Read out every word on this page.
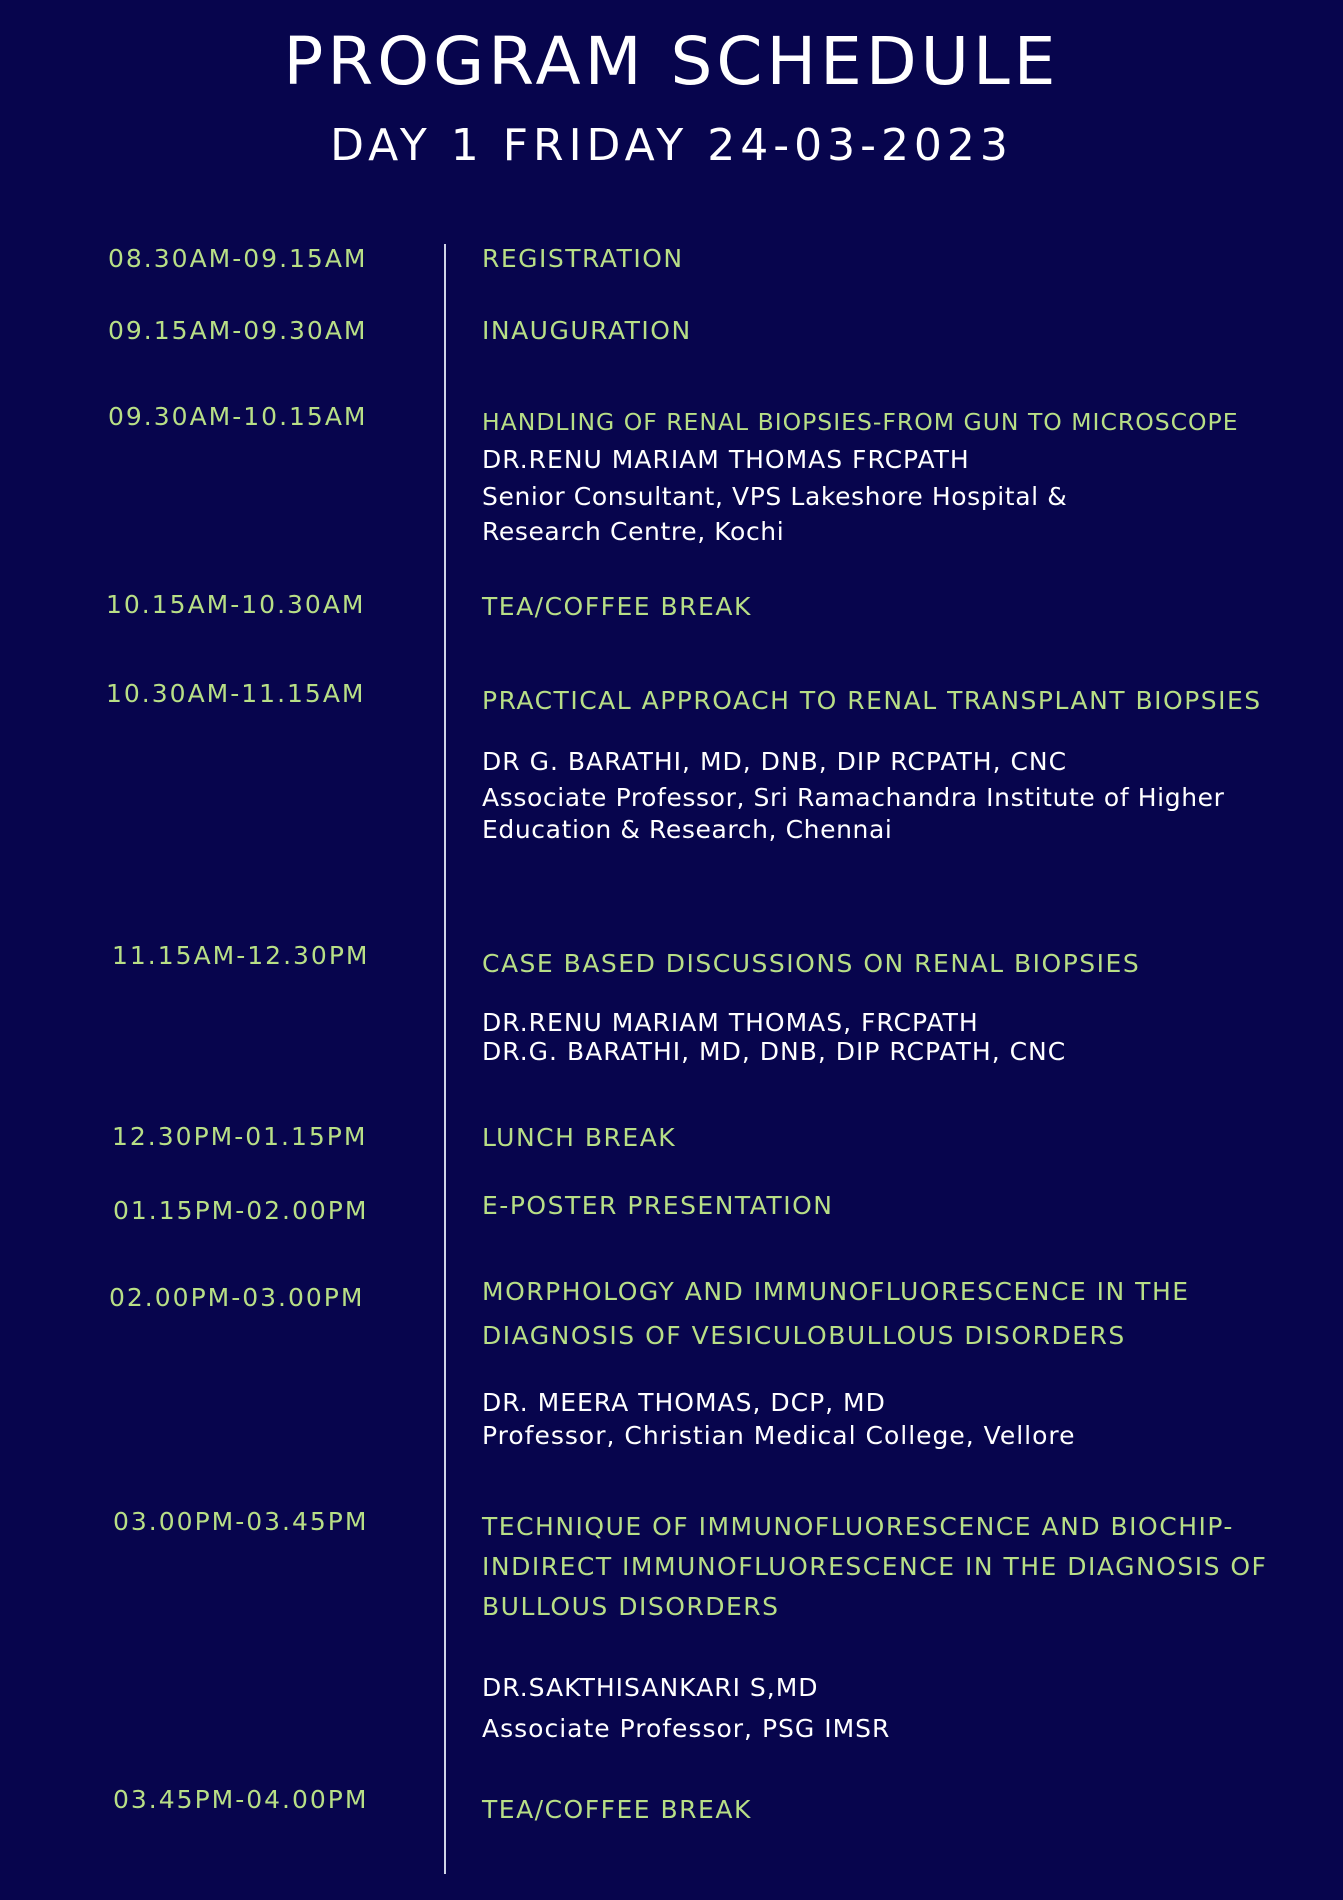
PROGRAM SCHEDULE
DAY 1 FRIDAY 24-03-2023
08.30AM-09.15AM	REGISTRATION
09.15AM-09.30AM	INAUGURATION
09.30AM-10.15AM	HANDLING OF RENAL BIOPSIES-FROM GUN TO MICROSCOPE
DR.RENU MARIAM THOMAS FRCPATH
Senior Consultant, VPS Lakeshore Hospital & Research Centre, Kochi
10.15AM-10.30AM	TEA/COFFEE BREAK
10.30AM-11.15AM	PRACTICAL APPROACH TO RENAL TRANSPLANT BIOPSIES
DR G. BARATHI, MD, DNB, DIP RCPATH, CNC
Associate Professor, Sri Ramachandra Institute of Higher Education & Research, Chennai
11.15AM-12.30PM	CASE BASED DISCUSSIONS ON RENAL BIOPSIES
DR.RENU MARIAM THOMAS, FRCPATH
DR.G. BARATHI, MD, DNB, DIP RCPATH, CNC
12.30PM-01.15PM	LUNCH BREAK
01.15PM-02.00PM	E-POSTER PRESENTATION
02.00PM-03.00PM	MORPHOLOGY AND IMMUNOFLUORESCENCE IN THE DIAGNOSIS OF VESICULOBULLOUS DISORDERS
DR. MEERA THOMAS, DCP, MD
Professor, Christian Medical College, Vellore
03.00PM-03.45PM	TECHNIQUE OF IMMUNOFLUORESCENCE AND BIOCHIP-INDIRECT IMMUNOFLUORESCENCE IN THE DIAGNOSIS OF BULLOUS DISORDERS
DR.SAKTHISANKARI S,MD
Associate Professor, PSG IMSR
03.45PM-04.00PM	TEA/COFFEE BREAK
